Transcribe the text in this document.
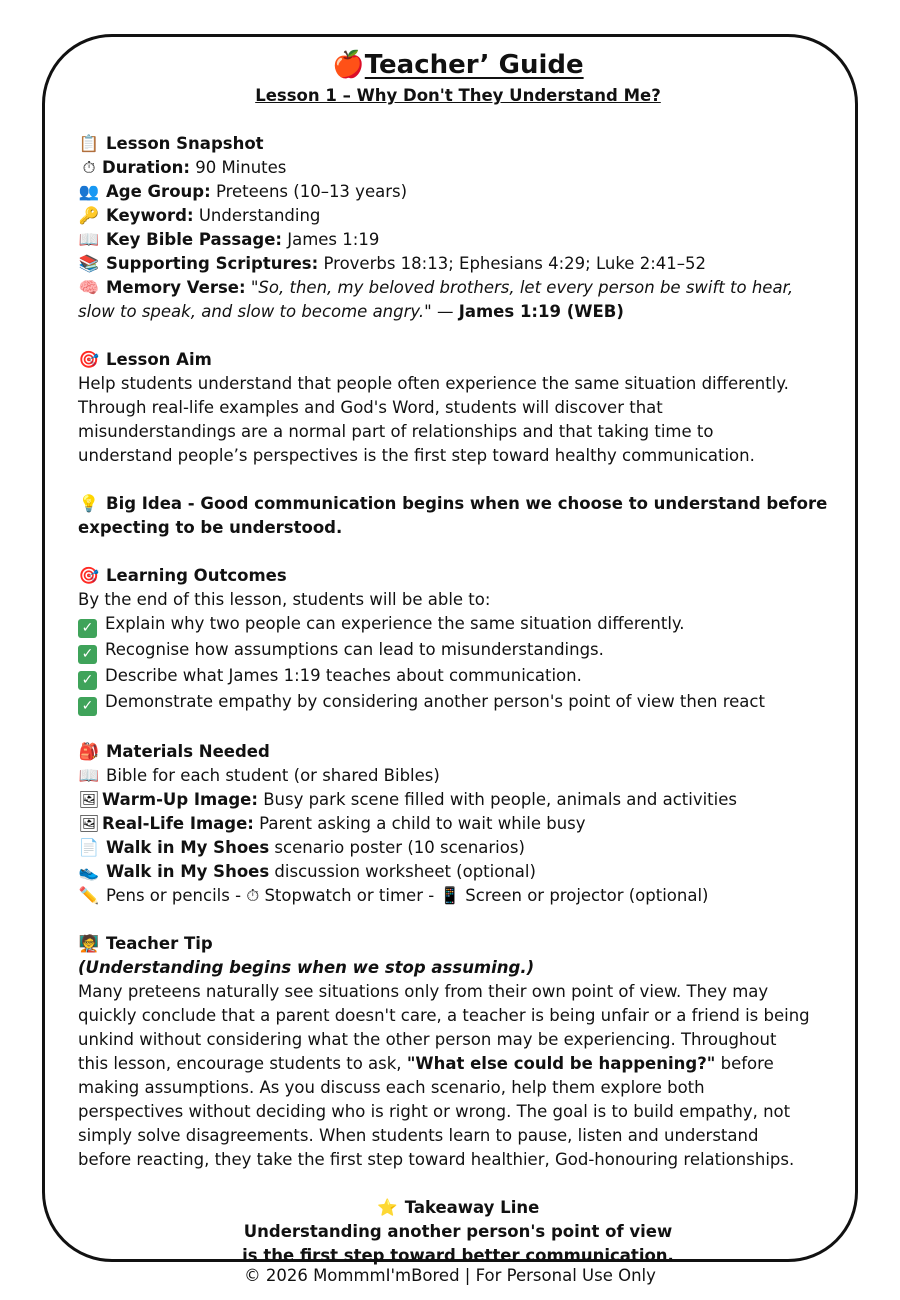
🍎Teacher’ Guide
Lesson 1 – Why Don't They Understand Me?
📋 Lesson Snapshot
⏱ Duration: 90 Minutes
👥 Age Group: Preteens (10–13 years)
🔑 Keyword: Understanding
📖 Key Bible Passage: James 1:19
📚 Supporting Scriptures: Proverbs 18:13; Ephesians 4:29; Luke 2:41–52
🧠 Memory Verse: "So, then, my beloved brothers, let every person be swift to hear,
slow to speak, and slow to become angry." — James 1:19 (WEB)
🎯 Lesson Aim
Help students understand that people often experience the same situation differently.
Through real-life examples and God's Word, students will discover that
misunderstandings are a normal part of relationships and that taking time to
understand people’s perspectives is the first step toward healthy communication.
💡 Big Idea - Good communication begins when we choose to understand before
expecting to be understood.
🎯 Learning Outcomes
By the end of this lesson, students will be able to:
✓ Explain why two people can experience the same situation differently.
✓ Recognise how assumptions can lead to misunderstandings.
✓ Describe what James 1:19 teaches about communication.
✓ Demonstrate empathy by considering another person's point of view then react
🎒 Materials Needed
📖 Bible for each student (or shared Bibles)
🖼 Warm-Up Image: Busy park scene filled with people, animals and activities
🖼 Real-Life Image: Parent asking a child to wait while busy
📄 Walk in My Shoes scenario poster (10 scenarios)
👟 Walk in My Shoes discussion worksheet (optional)
✏️ Pens or pencils - ⏱ Stopwatch or timer - 📱 Screen or projector (optional)
🧑‍🏫 Teacher Tip
(Understanding begins when we stop assuming.)
Many preteens naturally see situations only from their own point of view. They may
quickly conclude that a parent doesn't care, a teacher is being unfair or a friend is being
unkind without considering what the other person may be experiencing. Throughout
this lesson, encourage students to ask, "What else could be happening?" before
making assumptions. As you discuss each scenario, help them explore both
perspectives without deciding who is right or wrong. The goal is to build empathy, not
simply solve disagreements. When students learn to pause, listen and understand
before reacting, they take the first step toward healthier, God-honouring relationships.
⭐ Takeaway Line
Understanding another person's point of view
is the first step toward better communication.
© 2026 MommmI'mBored | For Personal Use Only
